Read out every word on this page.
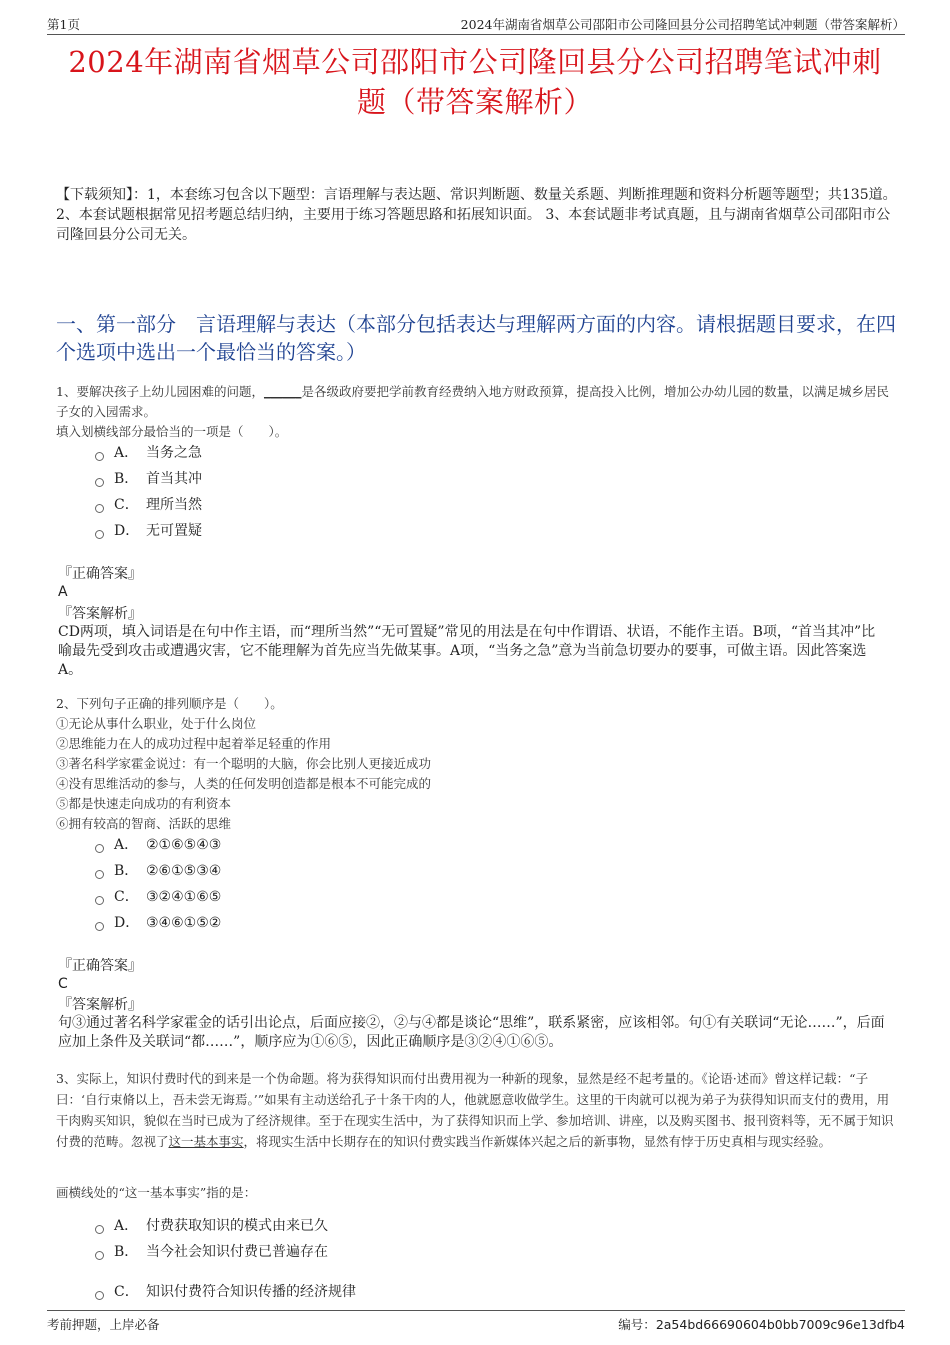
第1页	2024年湖南省烟草公司邵阳市公司隆回县分公司招聘笔试冲刺题（带答案解析）
2024年湖南省烟草公司邵阳市公司隆回县分公司招聘笔试冲刺
题（带答案解析）
【下载须知】：1，本套练习包含以下题型：言语理解与表达题、常识判断题、数量关系题、判断推理题和资料分析题等题型；共135道。 2、本套试题根据常见招考题总结归纳，主要用于练习答题思路和拓展知识面。 3、本套试题非考试真题，且与湖南省烟草公司邵阳市公司隆回县分公司无关。
一、第一部分　言语理解与表达（本部分包括表达与理解两方面的内容。请根据题目要求，在四个选项中选出一个最恰当的答案。）
1、要解决孩子上幼儿园困难的问题，______是各级政府要把学前教育经费纳入地方财政预算，提高投入比例，增加公办幼儿园的数量，以满足城乡居民子女的入园需求。
填入划横线部分最恰当的一项是（　　）。
A． 当务之急
B． 首当其冲
C． 理所当然
D． 无可置疑
『正确答案』
A
『答案解析』
CD两项，填入词语是在句中作主语，而“理所当然”“无可置疑”常见的用法是在句中作谓语、状语，不能作主语。B项，“首当其冲”比喻最先受到攻击或遭遇灾害，它不能理解为首先应当先做某事。A项，“当务之急”意为当前急切要办的要事，可做主语。因此答案选A。
2、下列句子正确的排列顺序是（　　）。
①无论从事什么职业，处于什么岗位
②思维能力在人的成功过程中起着举足轻重的作用
③著名科学家霍金说过：有一个聪明的大脑，你会比别人更接近成功
④没有思维活动的参与，人类的任何发明创造都是根本不可能完成的
⑤都是快速走向成功的有利资本
⑥拥有较高的智商、活跃的思维
A． ②①⑥⑤④③
B． ②⑥①⑤③④
C． ③②④①⑥⑤
D． ③④⑥①⑤②
『正确答案』
C
『答案解析』
句③通过著名科学家霍金的话引出论点，后面应接②，②与④都是谈论“思维”，联系紧密，应该相邻。句①有关联词“无论……”，后面应加上条件及关联词“都……”，顺序应为①⑥⑤，因此正确顺序是③②④①⑥⑤。
3、实际上，知识付费时代的到来是一个伪命题。将为获得知识而付出费用视为一种新的现象，显然是经不起考量的。《论语·述而》曾这样记载：“子曰：‘自行束脩以上，吾未尝无诲焉。’”如果有主动送给孔子十条干肉的人，他就愿意收做学生。这里的干肉就可以视为弟子为获得知识而支付的费用，用干肉购买知识，貌似在当时已成为了经济规律。至于在现实生活中，为了获得知识而上学、参加培训、讲座，以及购买图书、报刊资料等，无不属于知识付费的范畴。忽视了这一基本事实，将现实生活中长期存在的知识付费实践当作新媒体兴起之后的新事物，显然有悖于历史真相与现实经验。
画横线处的“这一基本事实”指的是：
A． 付费获取知识的模式由来已久
B． 当今社会知识付费已普遍存在
C． 知识付费符合知识传播的经济规律
考前押题，上岸必备	编号：2a54bd66690604b0bb7009c96e13dfb4
